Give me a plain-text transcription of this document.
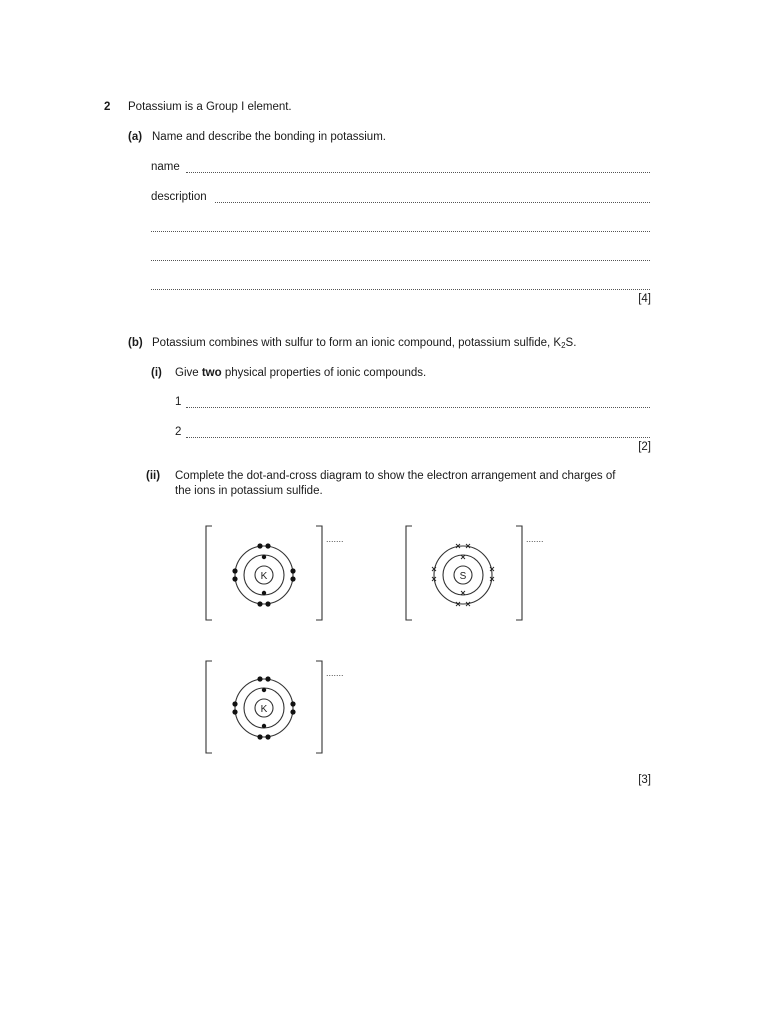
2 Potassium is a Group I element.
(a) Name and describe the bonding in potassium.
name
description
[4]
(b) Potassium combines with sulfur to form an ionic compound, potassium sulfide, $K_2S$.
(i) Give two physical properties of ionic compounds.
1
2
[2]
(ii) Complete the dot-and-cross diagram to show the electron arrangement and charges of
the ions in potassium sulfide.
K	S
K
.......	.......
.......
[3]
